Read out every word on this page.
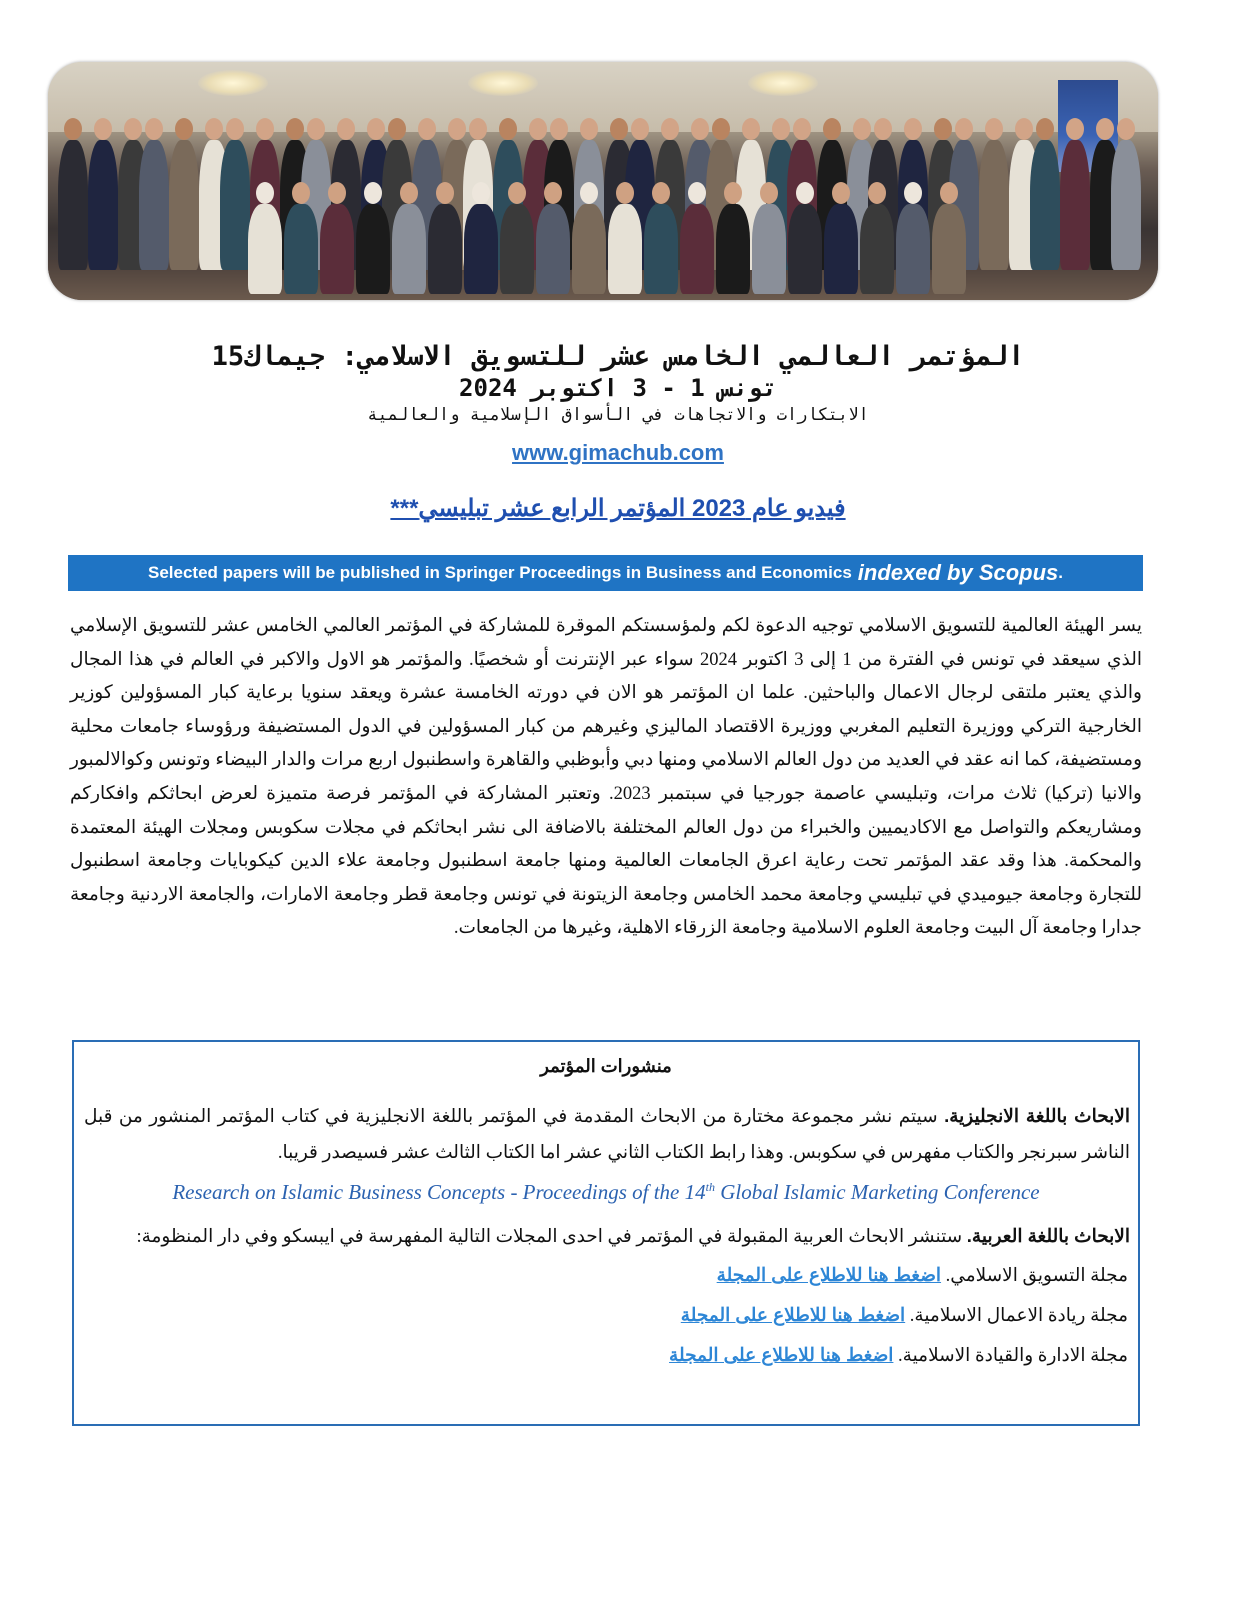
المؤتمر العالمي الخامس عشر للتسويق الاسلامي: جيماك15
تونس 1 - 3 اكتوبر 2024
الابتكارات والاتجاهات في الأسواق الإسلامية والعالمية
www.gimachub.com
فيديو عام 2023 المؤتمر الرابع عشر تبليسي***
Selected papers will be published in Springer Proceedings in Business and Economics indexed by Scopus .
يسر الهيئة العالمية للتسويق الاسلامي توجيه الدعوة لكم ولمؤسستكم الموقرة للمشاركة في المؤتمر العالمي الخامس عشر للتسويق الإسلامي الذي سيعقد في تونس في الفترة من 1 إلى 3 اكتوبر 2024 سواء عبر الإنترنت أو شخصيًا. والمؤتمر هو الاول والاكبر في العالم في هذا المجال والذي يعتبر ملتقى لرجال الاعمال والباحثين. علما ان المؤتمر هو الان في دورته الخامسة عشرة ويعقد سنويا برعاية كبار المسؤولين كوزير الخارجية التركي ووزيرة التعليم المغربي ووزيرة الاقتصاد الماليزي وغيرهم من كبار المسؤولين في الدول المستضيفة ورؤوساء جامعات محلية ومستضيفة، كما انه عقد في العديد من دول العالم الاسلامي ومنها دبي وأبوظبي والقاهرة واسطنبول اربع مرات والدار البيضاء وتونس وكوالالمبور والانيا (تركيا) ثلاث مرات، وتبليسي عاصمة جورجيا في سبتمبر 2023. وتعتبر المشاركة في المؤتمر فرصة متميزة لعرض ابحاثكم وافكاركم ومشاريعكم والتواصل مع الاكاديميين والخبراء من دول العالم المختلفة بالاضافة الى نشر ابحاثكم في مجلات سكوبس ومجلات الهيئة المعتمدة والمحكمة. هذا وقد عقد المؤتمر تحت رعاية اعرق الجامعات العالمية ومنها جامعة اسطنبول وجامعة علاء الدين كيكوبايات وجامعة اسطنبول للتجارة وجامعة جيوميدي في تبليسي وجامعة محمد الخامس وجامعة الزيتونة في تونس وجامعة قطر وجامعة الامارات، والجامعة الاردنية وجامعة جدارا وجامعة آل البيت وجامعة العلوم الاسلامية وجامعة الزرقاء الاهلية، وغيرها من الجامعات.
منشورات المؤتمر
الابحاث باللغة الانجليزية. سيتم نشر مجموعة مختارة من الابحاث المقدمة في المؤتمر باللغة الانجليزية في كتاب المؤتمر المنشور من قبل الناشر سبرنجر والكتاب مفهرس في سكوبس. وهذا رابط الكتاب الثاني عشر اما الكتاب الثالث عشر فسيصدر قريبا.
Research on Islamic Business Concepts - Proceedings of the 14th Global Islamic Marketing Conference
الابحاث باللغة العربية. ستنشر الابحاث العربية المقبولة في المؤتمر في احدى المجلات التالية المفهرسة في ايبسكو وفي دار المنظومة:
مجلة التسويق الاسلامي. اضغط هنا للاطلاع على المجلة
مجلة ريادة الاعمال الاسلامية. اضغط هنا للاطلاع على المجلة
مجلة الادارة والقيادة الاسلامية. اضغط هنا للاطلاع على المجلة
